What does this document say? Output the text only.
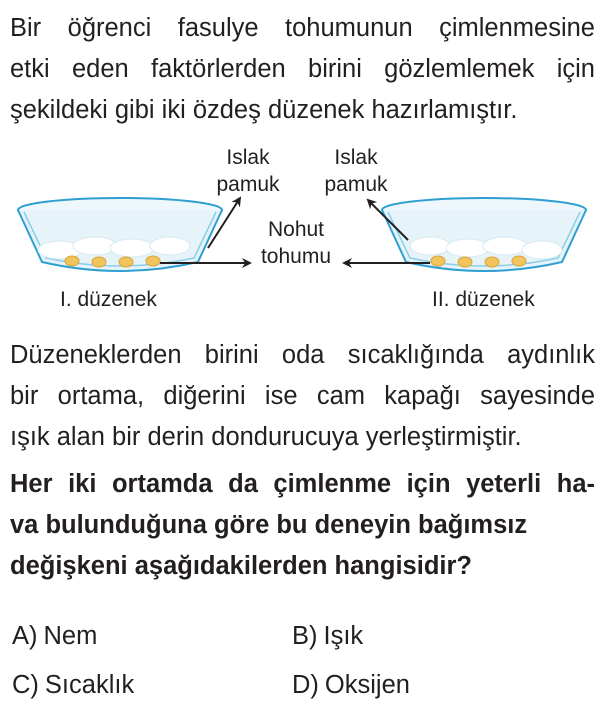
Bir öğrenci fasulye tohumunun çimlenmesine
etki eden faktörlerden birini gözlemlemek için
şekildeki gibi iki özdeş düzenek hazırlamıştır.
Islak
pamuk
Islak
pamuk
Nohut
tohumu
I. düzenek	II. düzenek
Düzeneklerden birini oda sıcaklığında aydınlık
bir ortama, diğerini ise cam kapağı sayesinde
ışık alan bir derin dondurucuya yerleştirmiştir.
Her iki ortamda da çimlenme için yeterli ha-
va bulunduğuna göre bu deneyin bağımsız
değişkeni aşağıdakilerden hangisidir?
A) Nem	B) Işık
C) Sıcaklık	D) Oksijen
